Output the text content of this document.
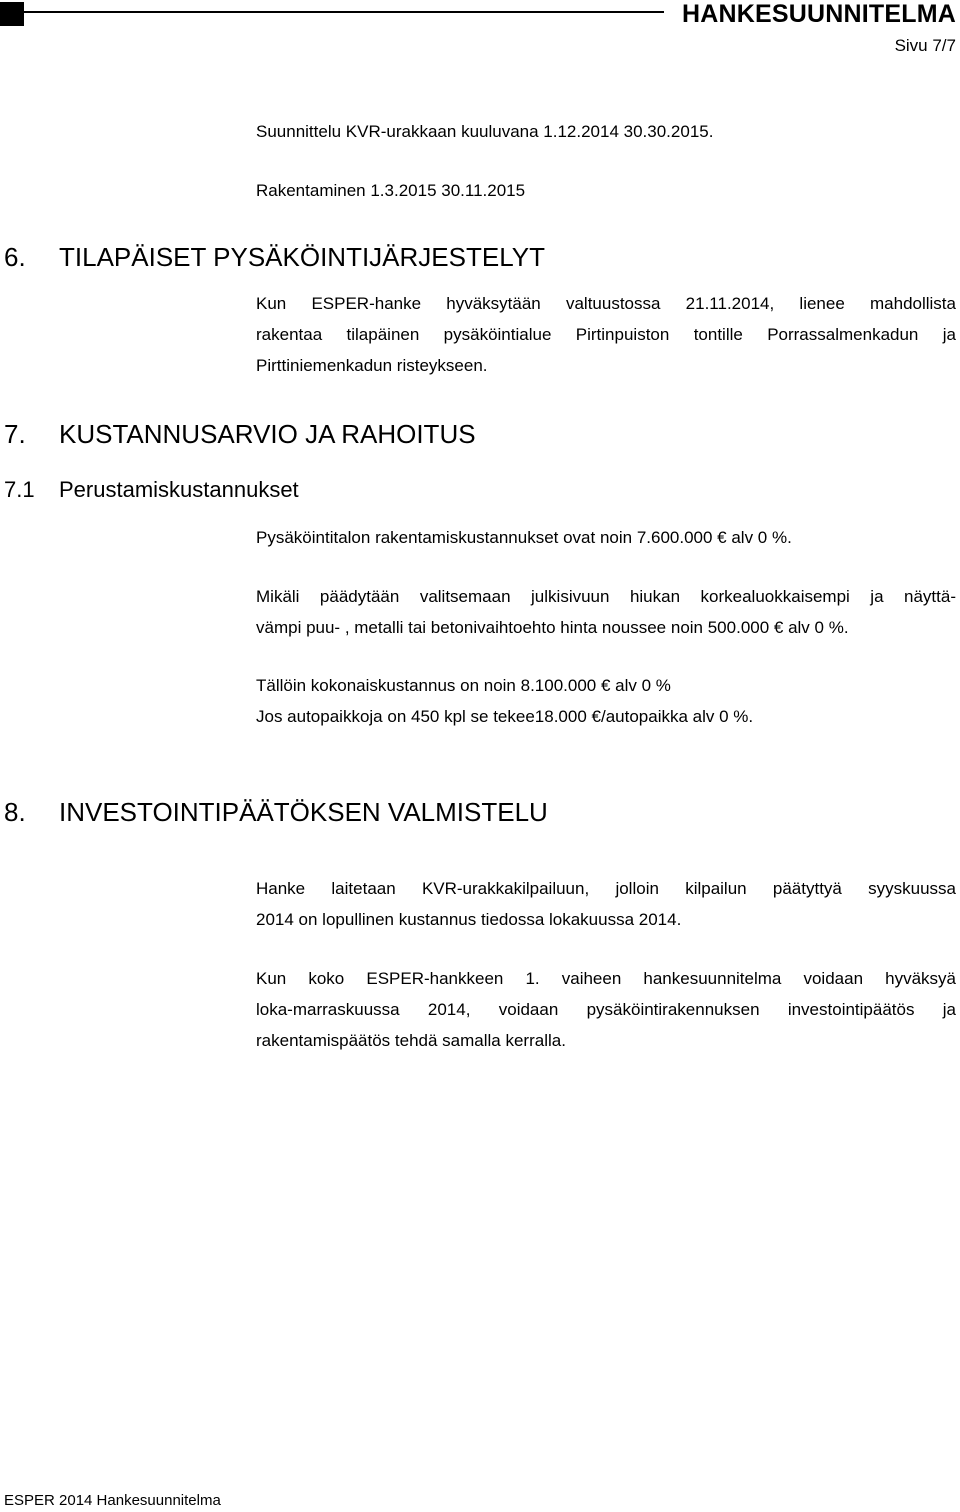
HANKESUUNNITELMA
Sivu 7/7
Suunnittelu KVR-urakkaan kuuluvana 1.12.2014 30.30.2015.
Rakentaminen 1.3.2015 30.11.2015
6. TILAPÄISET PYSÄKÖINTIJÄRJESTELYT
Kun ESPER-hanke hyväksytään valtuustossa 21.11.2014, lienee mahdollista
rakentaa tilapäinen pysäköintialue Pirtinpuiston tontille Porrassalmenkadun ja
Pirttiniemenkadun risteykseen.
7. KUSTANNUSARVIO JA RAHOITUS
7.1 Perustamiskustannukset
Pysäköintitalon rakentamiskustannukset ovat noin 7.600.000 € alv 0 %.
Mikäli päädytään valitsemaan julkisivuun hiukan korkealuokkaisempi ja näyttä-
vämpi puu- , metalli tai betonivaihtoehto hinta noussee noin 500.000 € alv 0 %.
Tällöin kokonaiskustannus on noin 8.100.000 € alv 0 %
Jos autopaikkoja on 450 kpl se tekee18.000 €/autopaikka alv 0 %.
8. INVESTOINTIPÄÄTÖKSEN VALMISTELU
Hanke laitetaan KVR-urakkakilpailuun, jolloin kilpailun päätyttyä syyskuussa
2014 on lopullinen kustannus tiedossa lokakuussa 2014.
Kun koko ESPER-hankkeen 1. vaiheen hankesuunnitelma voidaan hyväksyä
loka-marraskuussa 2014, voidaan pysäköintirakennuksen investointipäätös ja
rakentamispäätös tehdä samalla kerralla.
ESPER 2014 Hankesuunnitelma
